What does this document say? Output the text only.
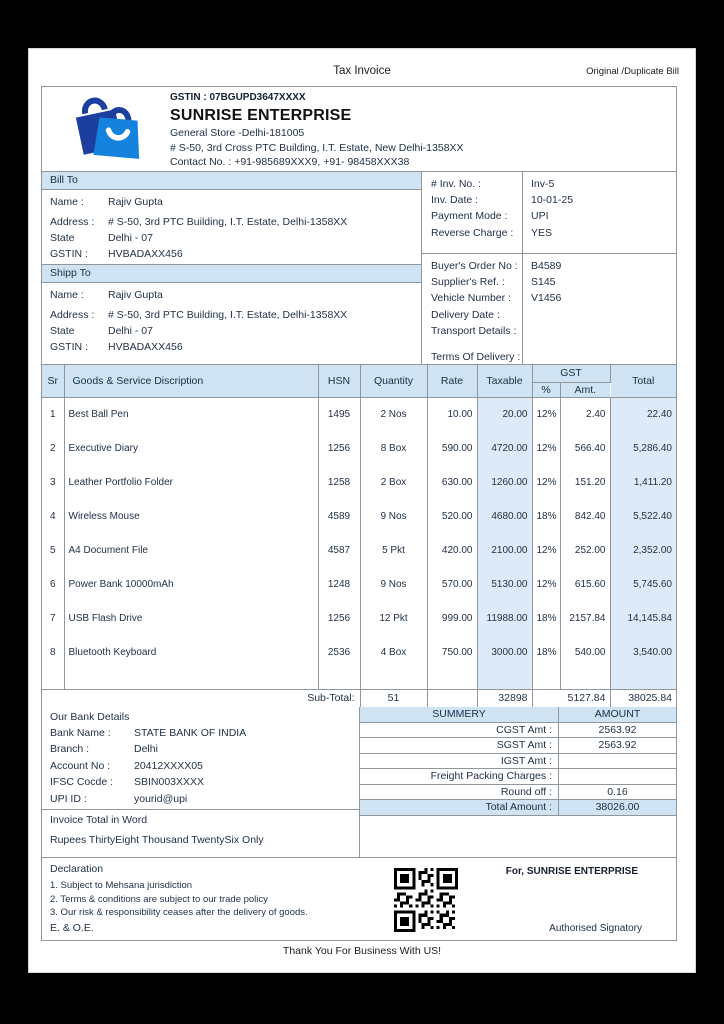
Tax Invoice	Original /Duplicate Bill
GSTIN : 07BGUPD3647XXXX
SUNRISE ENTERPRISE
General Store -Delhi-181005
# S-50, 3rd Cross PTC Building, I.T. Estate, New Delhi-1358XX
Contact No. : +91-985689XXX9, +91- 98458XXX38
Bill To
Name :	Rajiv Gupta
Address :	# S-50, 3rd PTC Building, I.T. Estate, Delhi-1358XX
State	Delhi - 07
GSTIN :	HVBADAXX456
Shipp To
Name :	Rajiv Gupta
Address :	# S-50, 3rd PTC Building, I.T. Estate, Delhi-1358XX
State	Delhi - 07
GSTIN :	HVBADAXX456
# Inv. No. :	Inv-5
Inv. Date :	10-01-25
Payment Mode :	UPI
Reverse Charge :	YES
Buyer's Order No :	B4589
Supplier's Ref. :	S145
Vehicle Number :	V1456
Delivery Date :
Transport Details :
Terms Of Delivery :
Sr	Goods & Service Discription	HSN	Quantity	Rate	Taxable	GST		Total
						%	Amt.	
1	Best Ball Pen	1495	2 Nos	10.00	20.00	12%	2.40	22.40
2	Executive Diary	1256	8 Box	590.00	4720.00	12%	566.40	5,286.40
3	Leather Portfolio Folder	1258	2 Box	630.00	1260.00	12%	151.20	1,411.20
4	Wireless Mouse	4589	9 Nos	520.00	4680.00	18%	842.40	5,522.40
5	A4 Document File	4587	5 Pkt	420.00	2100.00	12%	252.00	2,352.00
6	Power Bank 10000mAh	1248	9 Nos	570.00	5130.00	12%	615.60	5,745.60
7	USB Flash Drive	1256	12 Pkt	999.00	11988.00	18%	2157.84	14,145.84
8	Bluetooth Keyboard	2536	4 Box	750.00	3000.00	18%	540.00	3,540.00

Sub-Total:			51		32898	5127.84		38025.84
Our Bank Details
Bank Name :	STATE BANK OF INDIA
Branch :	Delhi
Account No :	20412XXXX05
IFSC Cocde :	SBIN003XXXX
UPI ID :	yourid@upi
Invoice Total in Word
Rupees ThirtyEight Thousand TwentySix Only
SUMMERY	AMOUNT
CGST Amt :	2563.92
SGST Amt :	2563.92
IGST Amt :
Freight Packing Charges :
Round off :	0.16
Total Amount :	38026.00
Declaration
1. Subject to Mehsana jurisdiction
2. Terms & conditions are subject to our trade policy
3. Our risk & responsibility ceases after the delivery of goods.
E. & O.E.
For, SUNRISE ENTERPRISE
Authorised Signatory
Thank You For Business With US!
